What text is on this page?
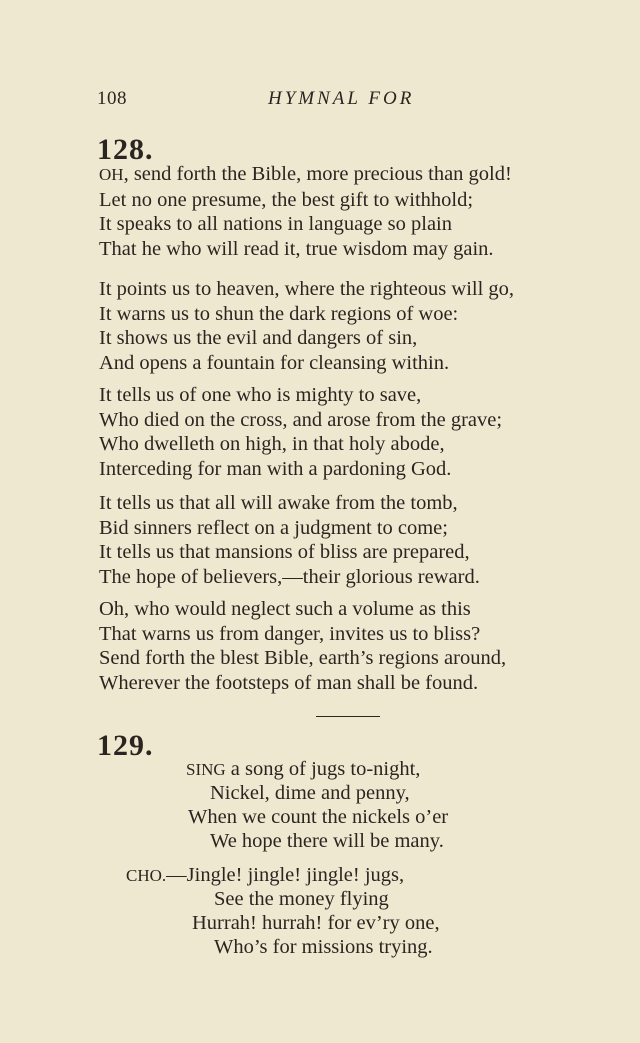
108	HYMNAL FOR
128.
OH, send forth the Bible, more precious than gold!
Let no one presume, the best gift to withhold;
It speaks to all nations in language so plain
That he who will read it, true wisdom may gain.
It points us to heaven, where the righteous will go,
It warns us to shun the dark regions of woe:
It shows us the evil and dangers of sin,
And opens a fountain for cleansing within.
It tells us of one who is mighty to save,
Who died on the cross, and arose from the grave;
Who dwelleth on high, in that holy abode,
Interceding for man with a pardoning God.
It tells us that all will awake from the tomb,
Bid sinners reflect on a judgment to come;
It tells us that mansions of bliss are prepared,
The hope of believers,—their glorious reward.
Oh, who would neglect such a volume as this
That warns us from danger, invites us to bliss?
Send forth the blest Bible, earth’s regions around,
Wherever the footsteps of man shall be found.
129.
SING a song of jugs to-night,
Nickel, dime and penny,
When we count the nickels o’er
We hope there will be many.
CHO.—Jingle! jingle! jingle! jugs,
See the money flying
Hurrah! hurrah! for ev’ry one,
Who’s for missions trying.
